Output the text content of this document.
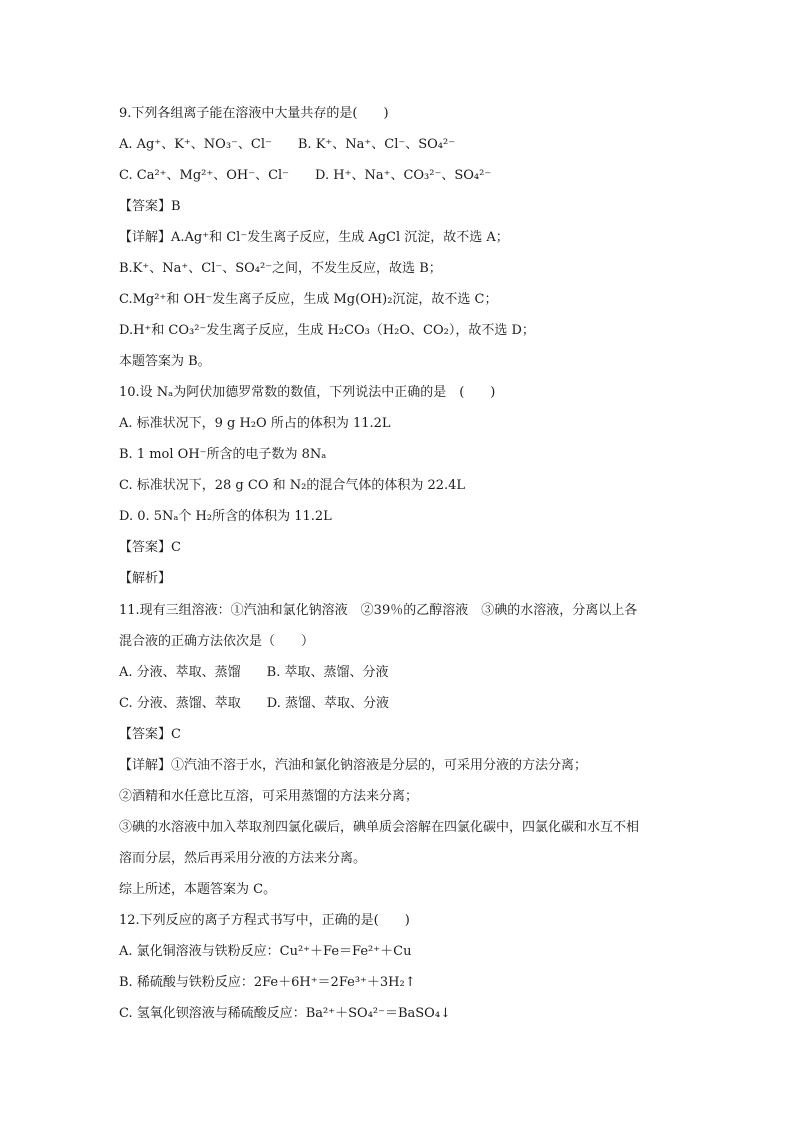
9.下列各组离子能在溶液中大量共存的是(　　)
A. Ag⁺、K⁺、NO₃⁻、Cl⁻　　B. K⁺、Na⁺、Cl⁻、SO₄²⁻
C. Ca²⁺、Mg²⁺、OH⁻、Cl⁻　　D. H⁺、Na⁺、CO₃²⁻、SO₄²⁻
【答案】B
【详解】A.Ag⁺和 Cl⁻发生离子反应，生成 AgCl 沉淀，故不选 A；
B.K⁺、Na⁺、Cl⁻、SO₄²⁻之间，不发生反应，故选 B；
C.Mg²⁺和 OH⁻发生离子反应，生成 Mg(OH)₂沉淀，故不选 C；
D.H⁺和 CO₃²⁻发生离子反应，生成 H₂CO₃（H₂O、CO₂），故不选 D；
本题答案为 B。
10.设 Nₐ为阿伏加德罗常数的数值，下列说法中正确的是　(　　)
A. 标准状况下，9 g H₂O 所占的体积为 11.2L
B. 1 mol OH⁻所含的电子数为 8Nₐ
C. 标准状况下，28 g CO 和 N₂的混合气体的体积为 22.4L
D. 0. 5Nₐ个 H₂所含的体积为 11.2L
【答案】C
【解析】
11.现有三组溶液：①汽油和氯化钠溶液　②39％的乙醇溶液　③碘的水溶液，分离以上各
混合液的正确方法依次是（　　）
A. 分液、萃取、蒸馏　　B. 萃取、蒸馏、分液
C. 分液、蒸馏、萃取　　D. 蒸馏、萃取、分液
【答案】C
【详解】①汽油不溶于水，汽油和氯化钠溶液是分层的，可采用分液的方法分离；
②酒精和水任意比互溶，可采用蒸馏的方法来分离；
③碘的水溶液中加入萃取剂四氯化碳后，碘单质会溶解在四氯化碳中，四氯化碳和水互不相
溶而分层，然后再采用分液的方法来分离。
综上所述，本题答案为 C。
12.下列反应的离子方程式书写中，正确的是(　　)
A. 氯化铜溶液与铁粉反应：Cu²⁺＋Fe＝Fe²⁺＋Cu
B. 稀硫酸与铁粉反应：2Fe＋6H⁺＝2Fe³⁺＋3H₂↑
C. 氢氧化钡溶液与稀硫酸反应：Ba²⁺＋SO₄²⁻＝BaSO₄↓
